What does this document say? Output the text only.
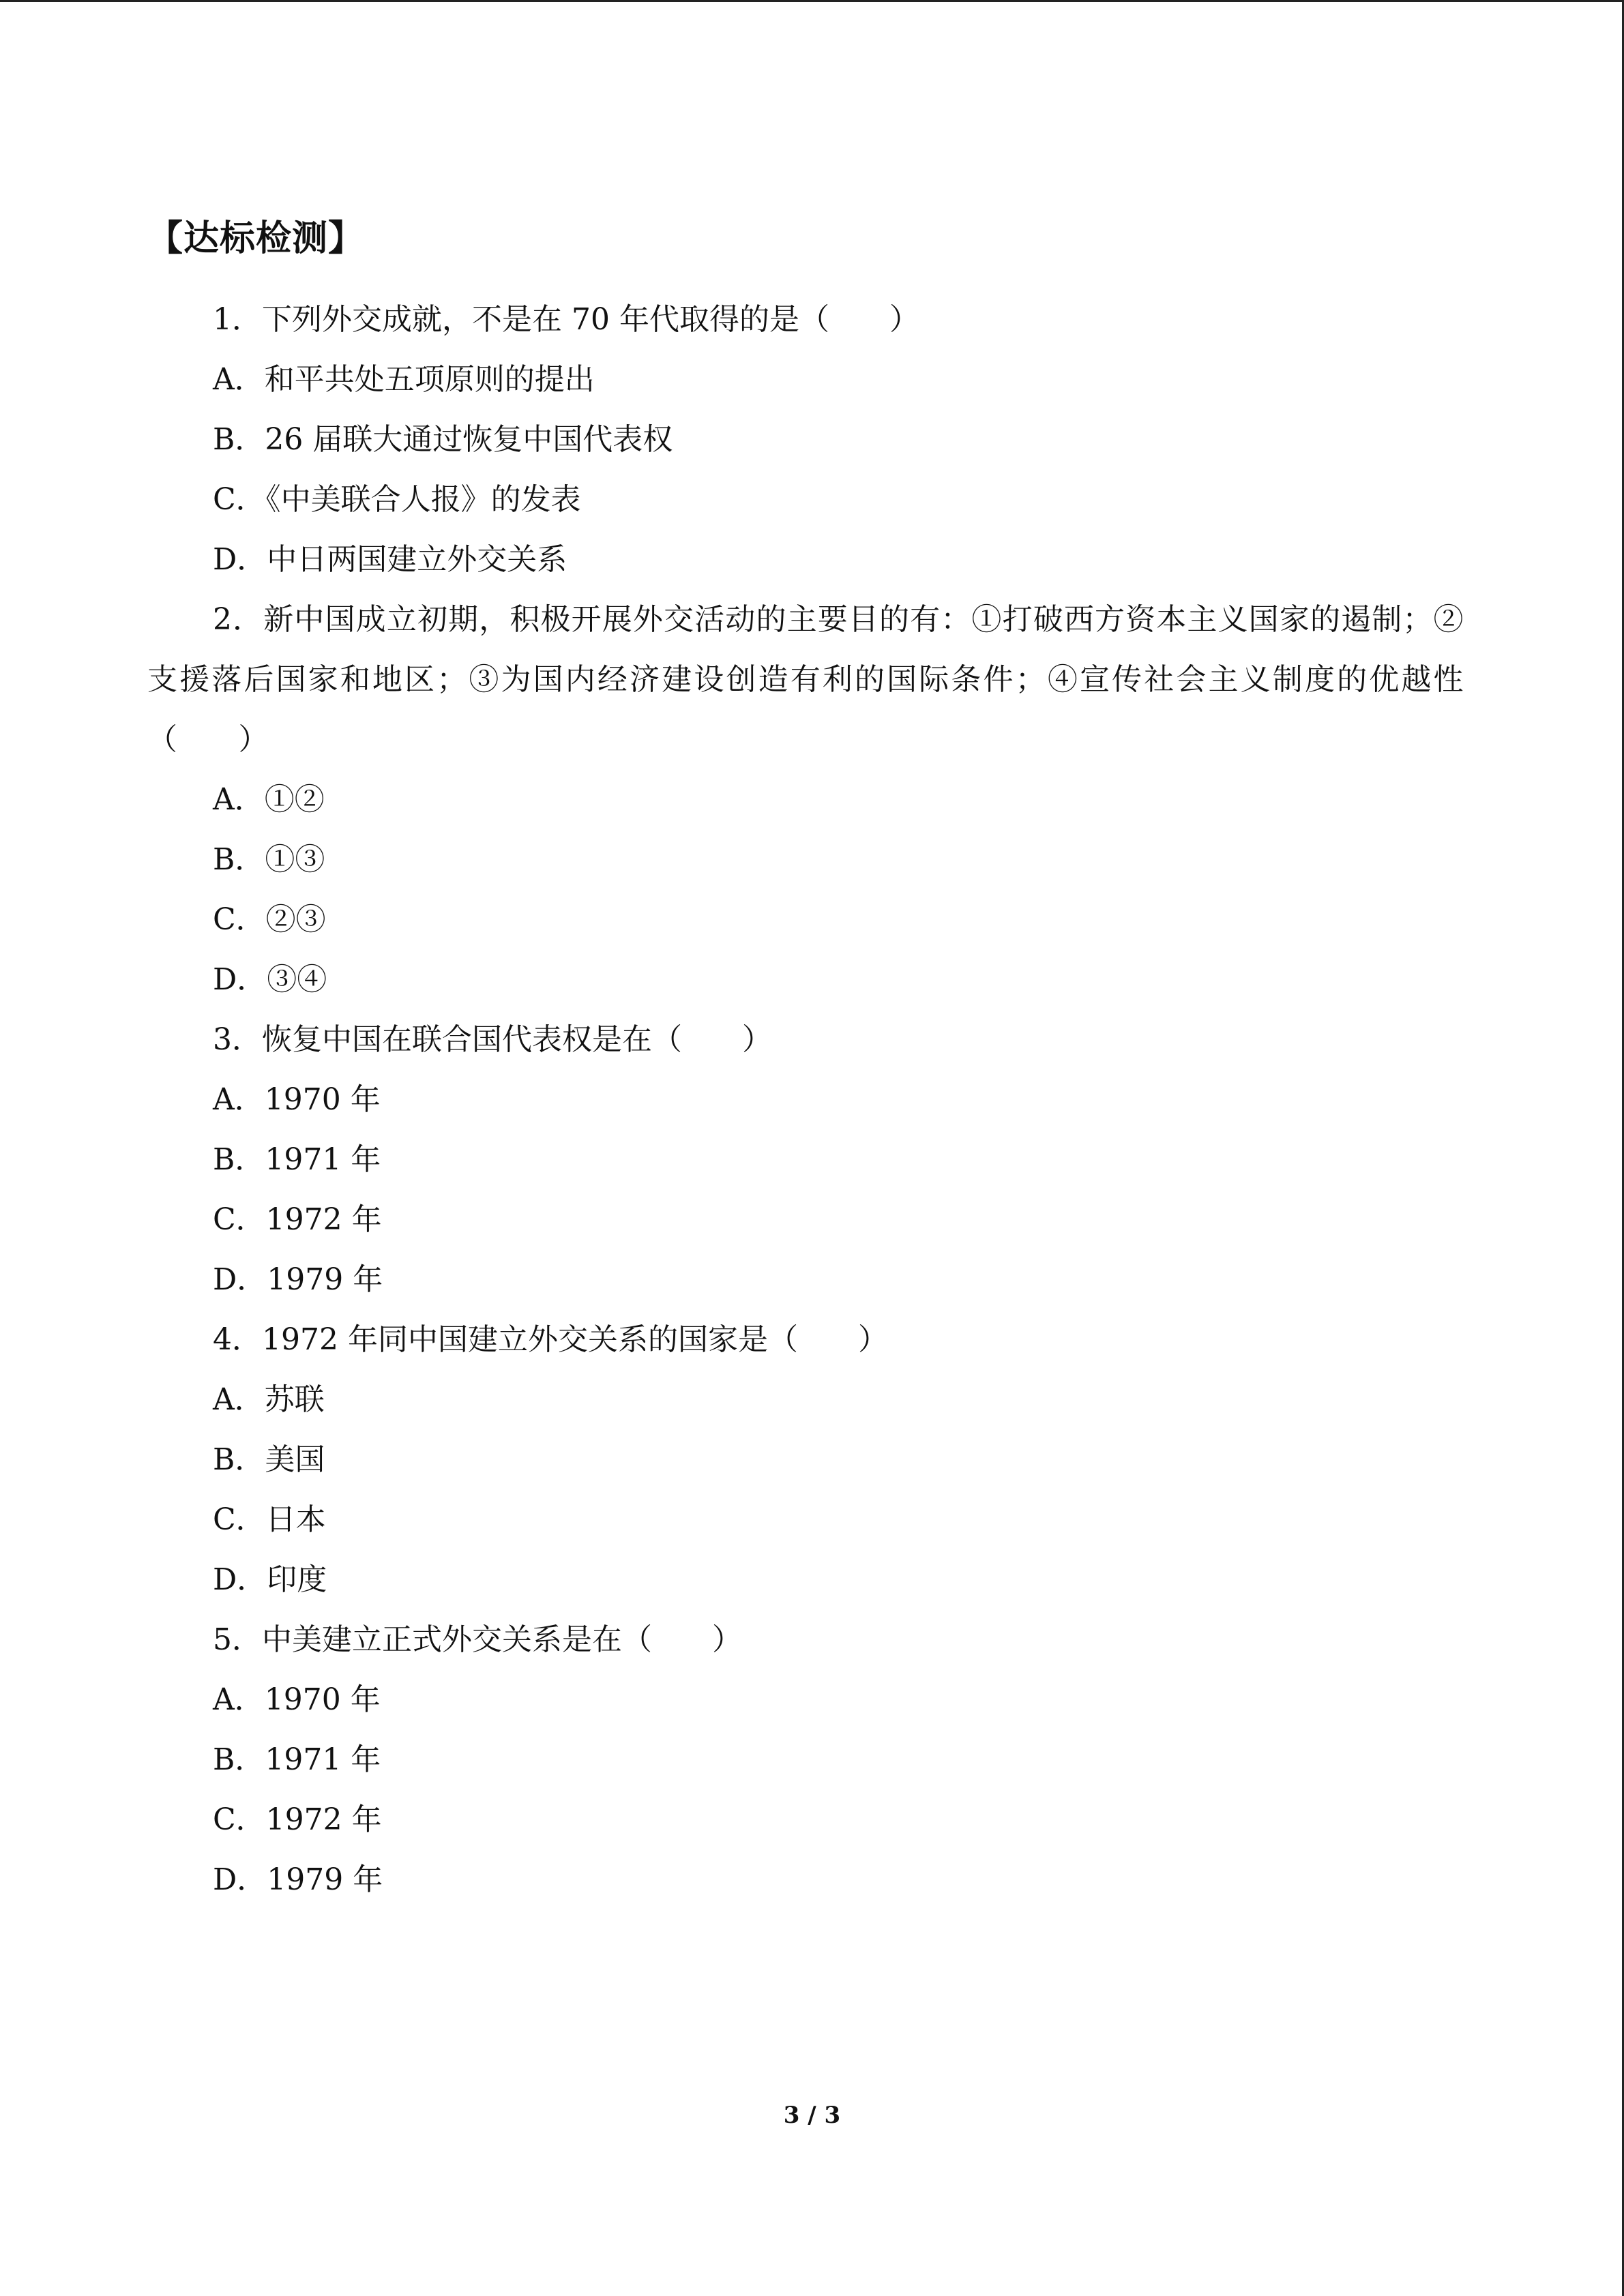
【达标检测】
1．下列外交成就，不是在 70 年代取得的是（　　）
A．和平共处五项原则的提出
B．26 届联大通过恢复中国代表权
C．《中美联合人报》的发表
D．中日两国建立外交关系
2．新中国成立初期，积极开展外交活动的主要目的有：①打破西方资本主义国家的遏制；②支援落后国家和地区；③为国内经济建设创造有利的国际条件；④宣传社会主义制度的优越性（　　）
A．①②
B．①③
C．②③
D．③④
3．恢复中国在联合国代表权是在（　　）
A．1970 年
B．1971 年
C．1972 年
D．1979 年
4．1972 年同中国建立外交关系的国家是（　　）
A．苏联
B．美国
C．日本
D．印度
5．中美建立正式外交关系是在（　　）
A．1970 年
B．1971 年
C．1972 年
D．1979 年
3 / 3
